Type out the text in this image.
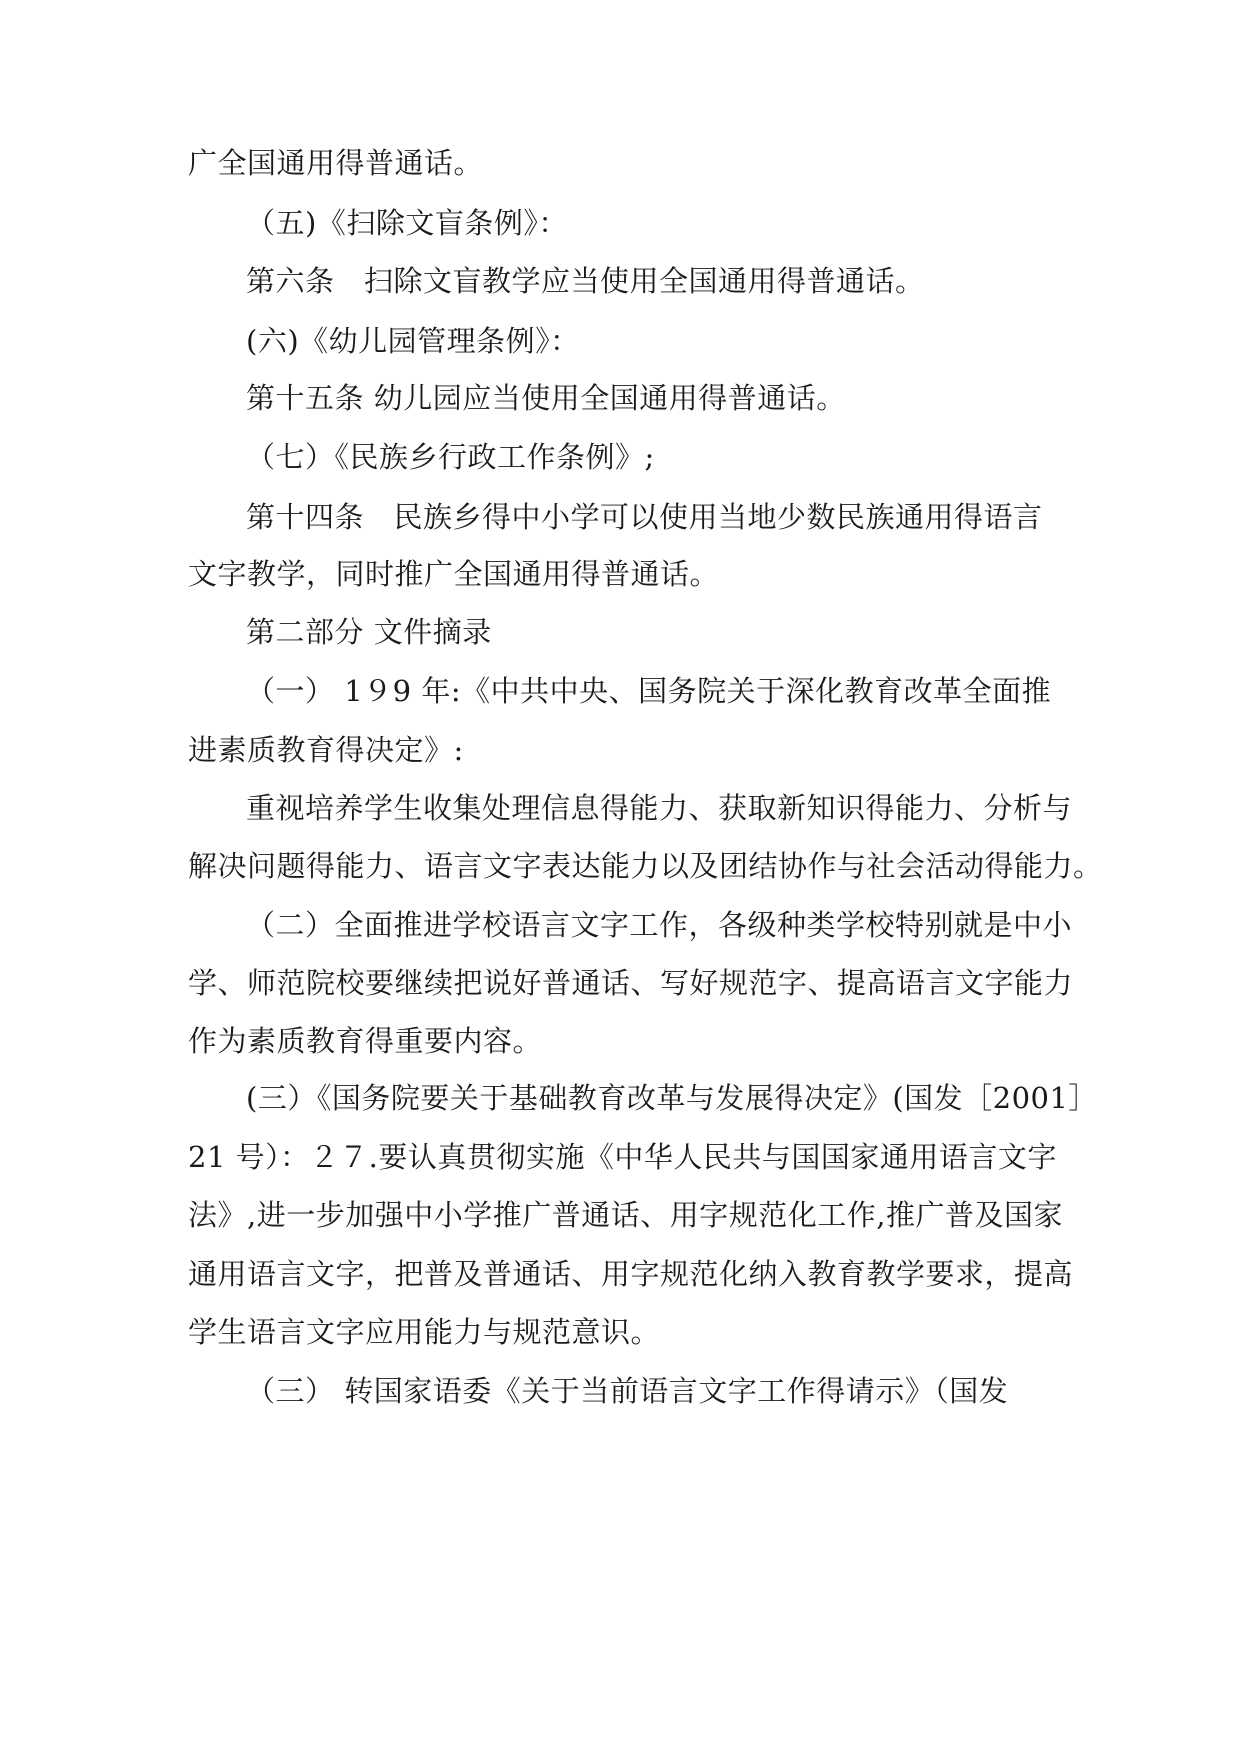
广全国通用得普通话。
（五)《扫除文盲条例》：
第六条　扫除文盲教学应当使用全国通用得普通话。
(六)《幼儿园管理条例》：
第十五条 幼儿园应当使用全国通用得普通话。
（七）《民族乡行政工作条例》;
第十四条　民族乡得中小学可以使用当地少数民族通用得语言
文字教学，同时推广全国通用得普通话。
第二部分 文件摘录
（一） 1９9 年:《中共中央、国务院关于深化教育改革全面推
进素质教育得决定》:
重视培养学生收集处理信息得能力、获取新知识得能力、分析与
解决问题得能力、语言文字表达能力以及团结协作与社会活动得能力。
（二）全面推进学校语言文字工作，各级种类学校特别就是中小
学、师范院校要继续把说好普通话、写好规范字、提高语言文字能力
作为素质教育得重要内容。
(三）《国务院要关于基础教育改革与发展得决定》(国发［2001］
21 号）：２７.要认真贯彻实施《中华人民共与国国家通用语言文字
法》,进一步加强中小学推广普通话、用字规范化工作,推广普及国家
通用语言文字，把普及普通话、用字规范化纳入教育教学要求，提高
学生语言文字应用能力与规范意识。
（三） 转国家语委《关于当前语言文字工作得请示》（国发
